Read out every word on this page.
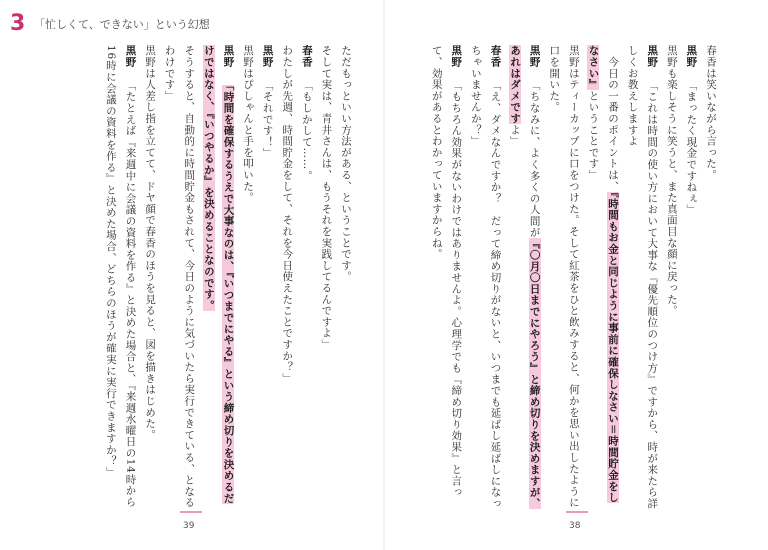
3 「忙しくて、できない」という幻想

春香は笑いながら言った。

黒野　「まったく現金ですねぇ」

黒野も楽しそうに笑うと、また真面目な顔に戻った。

黒野　「これは時間の使い方において大事な『優先順位のつけ方』ですから、時が来たら詳しくお教えしますよ

　今日の一番のポイントは、『時間もお金と同じように事前に確保しなさい＝時間貯金をしなさい』ということです」

黒野はティーカップに口をつけた。そして紅茶をひと飲みすると、何かを思い出したように口を開いた。

黒野　「ちなみに、よく多くの人間が『〇月〇日までにやろう』と締め切りを決めますが、あれはダメですよ」

春香　「え、ダメなんですか？　だって締め切りがないと、いつまでも延ばし延ばしになっちゃいませんか？」

黒野　「もちろん効果がないわけではありませんよ。心理学でも『締め切り効果』と言って、効果があるとわかっていますからね。

ただもっといい方法がある、ということです。

そして実は、青井さんは、もうそれを実践してるんですよ」

春香　「もしかして……。

わたしが先週、時間貯金をして、それを今日使えたことですか？」

黒野　「それです！」

黒野はぴしゃんと手を叩いた。

黒野　「時間を確保するうえで大事なのは、『いつまでにやる』という締め切りを決めるだけではなく、『いつやるか』を決めることなのです。

そうすると、自動的に時間貯金もされて、今日のように気づいたら実行できている、となるわけです」

黒野は人差し指を立てて、ドヤ顔で春香のほうを見ると、図を描きはじめた。

黒野　「たとえば『来週中に会議の資料を作る』と決めた場合と、『来週水曜日の14時から16時に会議の資料を作る』と決めた場合、どちらのほうが確実に実行できますか？」

39	38
